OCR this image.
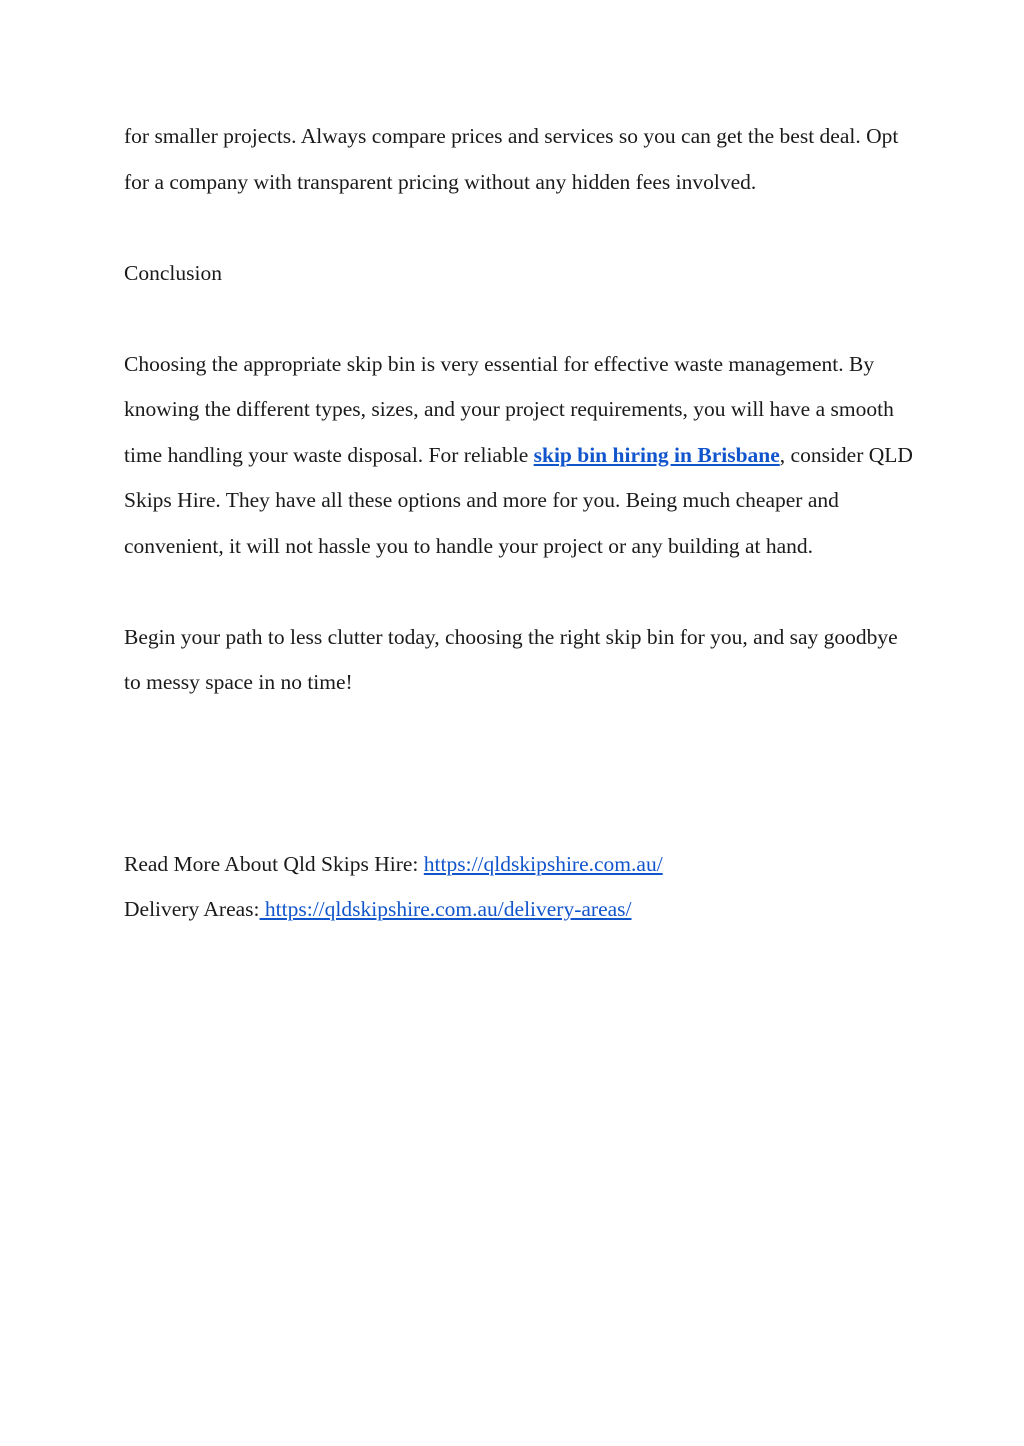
for smaller projects. Always compare prices and services so you can get the best deal. Opt for a company with transparent pricing without any hidden fees involved.

Conclusion

Choosing the appropriate skip bin is very essential for effective waste management. By knowing the different types, sizes, and your project requirements, you will have a smooth time handling your waste disposal. For reliable skip bin hiring in Brisbane, consider QLD Skips Hire. They have all these options and more for you. Being much cheaper and convenient, it will not hassle you to handle your project or any building at hand.

Begin your path to less clutter today, choosing the right skip bin for you, and say goodbye to messy space in no time!

Read More About Qld Skips Hire: https://qldskipshire.com.au/

Delivery Areas: https://qldskipshire.com.au/delivery-areas/
